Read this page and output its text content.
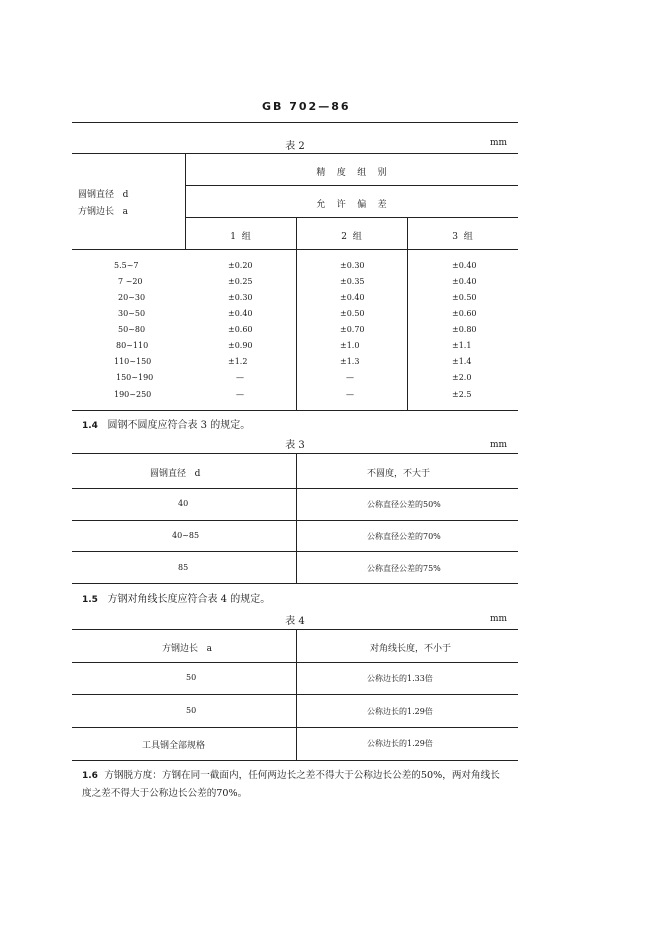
GB 702—86
表 2	mm
圆钢直径   d
方钢边长   a
精    度    组    别
允    许    偏    差
1  组	2  组	3  组
5.5~7	±0.20	±0.30	±0.40
7 ~20	±0.25	±0.35	±0.40
20~30	±0.30	±0.40	±0.50
30~50	±0.40	±0.50	±0.60
50~80	±0.60	±0.70	±0.80
80~110	±0.90	±1.0	±1.1
110~150	±1.2	±1.3	±1.4
150~190	—	—	±2.0
190~250	—	—	±2.5
1.4 圆钢不圆度应符合表 3 的规定。
表 3	mm
圆钢直径   d	不圆度，不大于
40	公称直径公差的50%
40~85	公称直径公差的70%
85	公称直径公差的75%
1.5 方钢对角线长度应符合表 4 的规定。
表 4	mm
方钢边长   a	对角线长度，不小于
50	公称边长的1.33倍
50	公称边长的1.29倍
工具钢全部规格	公称边长的1.29倍
1.6 方钢脱方度：方钢在同一截面内，任何两边长之差不得大于公称边长公差的50%，两对角线长
度之差不得大于公称边长公差的70%。
